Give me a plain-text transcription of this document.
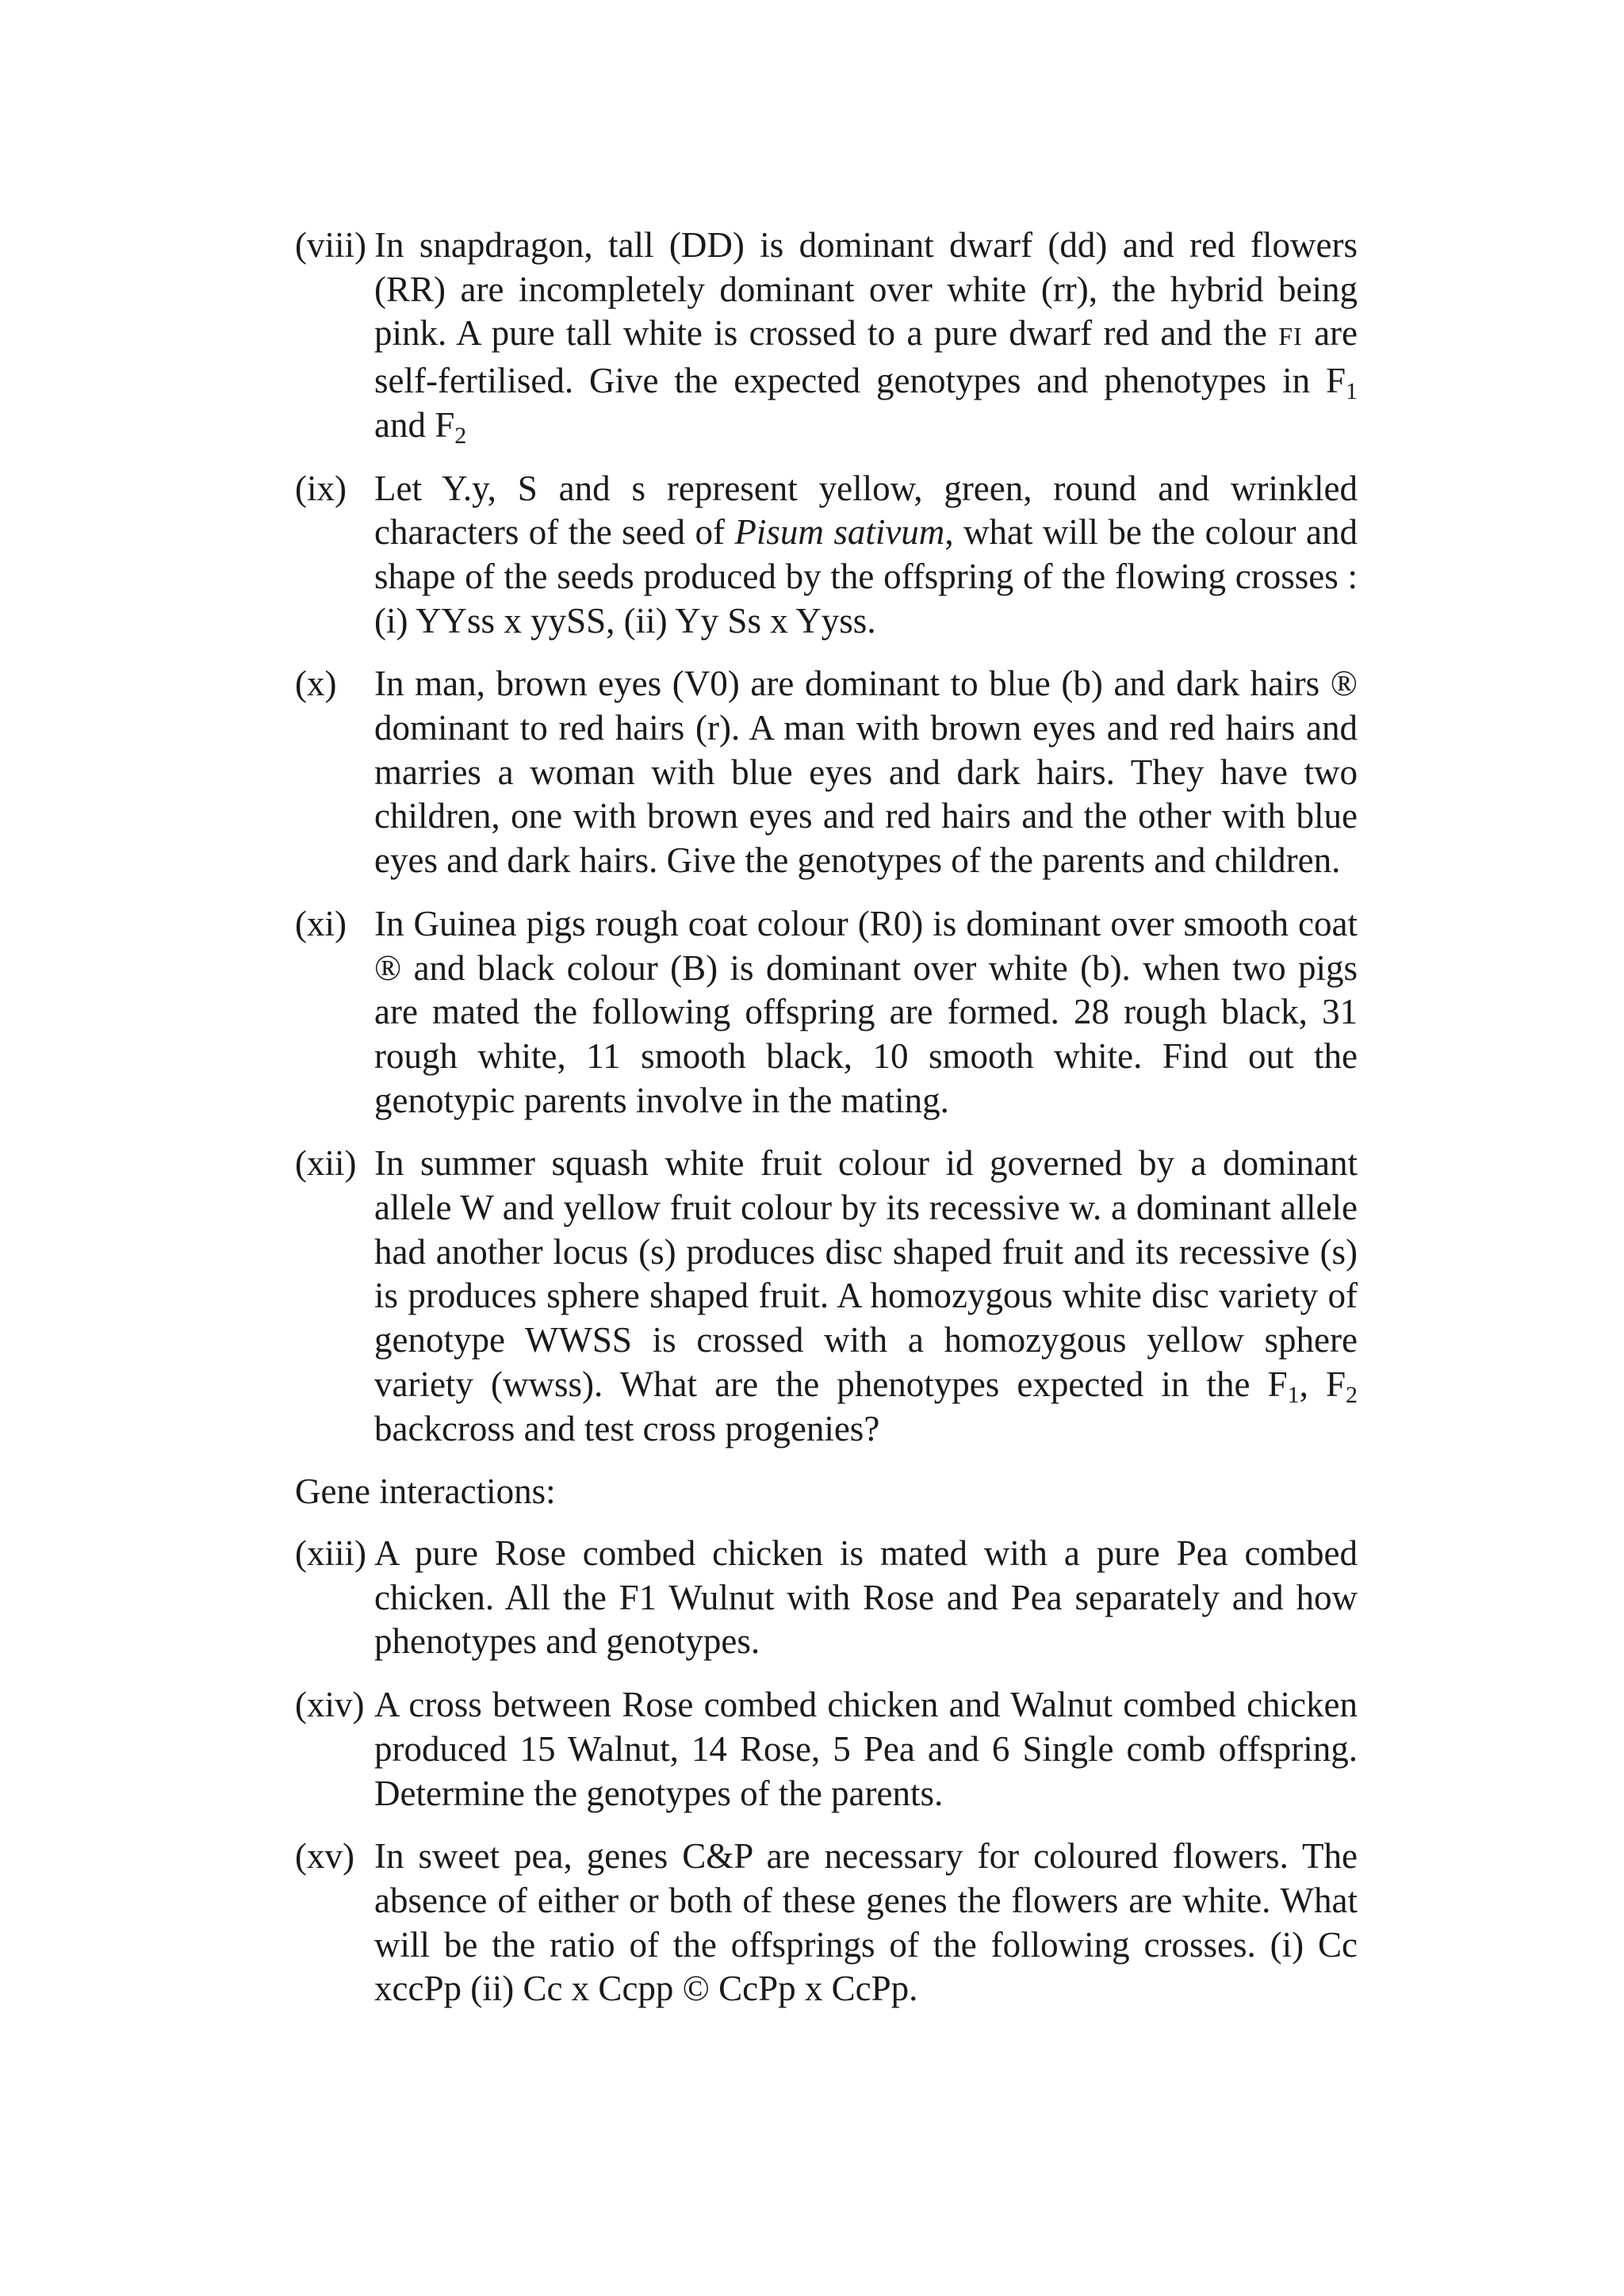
(viii) In snapdragon, tall (DD) is dominant dwarf (dd) and red flowers (RR) are incompletely dominant over white (rr), the hybrid being pink. A pure tall white is crossed to a pure dwarf red and the FI are self-fertilised. Give the expected genotypes and phenotypes in $F_1$ and $F_2$
(ix) Let Y.y, S and s represent yellow, green, round and wrinkled characters of the seed of Pisum sativum, what will be the colour and shape of the seeds produced by the offspring of the flowing crosses : (i) YYss x yySS, (ii) Yy Ss x Yyss.
(x) In man, brown eyes (V0) are dominant to blue (b) and dark hairs ® dominant to red hairs (r). A man with brown eyes and red hairs and marries a woman with blue eyes and dark hairs. They have two children, one with brown eyes and red hairs and the other with blue eyes and dark hairs. Give the genotypes of the parents and children.
(xi) In Guinea pigs rough coat colour (R0) is dominant over smooth coat ® and black colour (B) is dominant over white (b). when two pigs are mated the following offspring are formed. 28 rough black, 31 rough white, 11 smooth black, 10 smooth white. Find out the genotypic parents involve in the mating.
(xii) In summer squash white fruit colour id governed by a dominant allele W and yellow fruit colour by its recessive w. a dominant allele had another locus (s) produces disc shaped fruit and its recessive (s) is produces sphere shaped fruit. A homozygous white disc variety of genotype WWSS is crossed with a homozygous yellow sphere variety (wwss). What are the phenotypes expected in the $F_1$, $F_2$ backcross and test cross progenies?
Gene interactions:
(xiii) A pure Rose combed chicken is mated with a pure Pea combed chicken. All the F1 Wulnut with Rose and Pea separately and how phenotypes and genotypes.
(xiv) A cross between Rose combed chicken and Walnut combed chicken produced 15 Walnut, 14 Rose, 5 Pea and 6 Single comb offspring. Determine the genotypes of the parents.
(xv) In sweet pea, genes C&P are necessary for coloured flowers. The absence of either or both of these genes the flowers are white. What will be the ratio of the offsprings of the following crosses. (i) Cc xccPp (ii) Cc x Ccpp © CcPp x CcPp.
